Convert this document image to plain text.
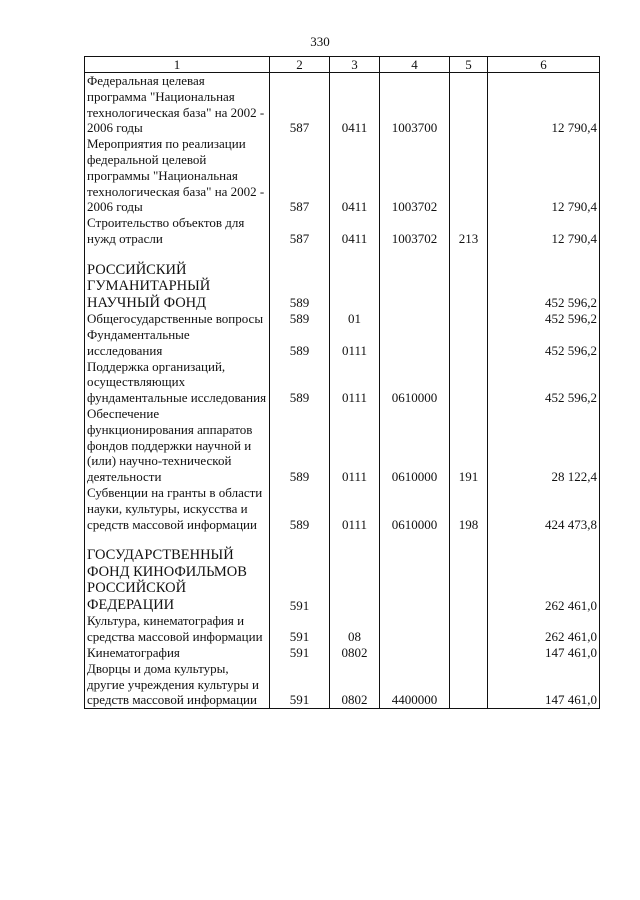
330
1	2	3	4	5	6
Федеральная целевая программа "Национальная технологическая база" на 2002 - 2006 годы	587	0411	1003700		12 790,4
Мероприятия по реализации федеральной целевой программы "Национальная технологическая база" на 2002 - 2006 годы	587	0411	1003702		12 790,4
Строительство объектов для нужд отрасли	587	0411	1003702	213	12 790,4

РОССИЙСКИЙ ГУМАНИТАРНЫЙ НАУЧНЫЙ ФОНД	589				452 596,2
Общегосударственные вопросы	589	01			452 596,2
Фундаментальные исследования	589	0111			452 596,2
Поддержка организаций, осуществляющих фундаментальные исследования	589	0111	0610000		452 596,2
Обеспечение функционирования аппаратов фондов поддержки научной и (или) научно-технической деятельности	589	0111	0610000	191	28 122,4
Субвенции на гранты в области науки, культуры, искусства и средств массовой информации	589	0111	0610000	198	424 473,8

ГОСУДАРСТВЕННЫЙ ФОНД КИНОФИЛЬМОВ РОССИЙСКОЙ ФЕДЕРАЦИИ	591				262 461,0
Культура, кинематография и средства массовой информации	591	08			262 461,0
Кинематография	591	0802			147 461,0
Дворцы и дома культуры, другие учреждения культуры и средств массовой информации	591	0802	4400000		147 461,0
